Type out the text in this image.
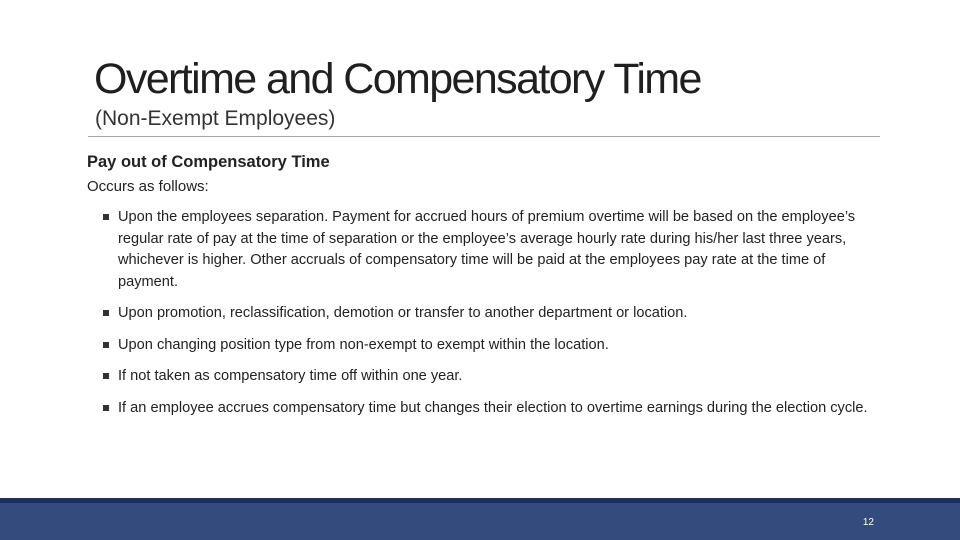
Overtime and Compensatory Time
(Non-Exempt Employees)
Pay out of Compensatory Time
Occurs as follows:
Upon the employees separation. Payment for accrued hours of premium overtime will be based on the employee’s regular rate of pay at the time of separation or the employee’s average hourly rate during his/her last three years, whichever is higher. Other accruals of compensatory time will be paid at the employees pay rate at the time of payment.
Upon promotion, reclassification, demotion or transfer to another department or location.
Upon changing position type from non-exempt to exempt within the location.
If not taken as compensatory time off within one year.
If an employee accrues compensatory time but changes their election to overtime earnings during the election cycle.
12
